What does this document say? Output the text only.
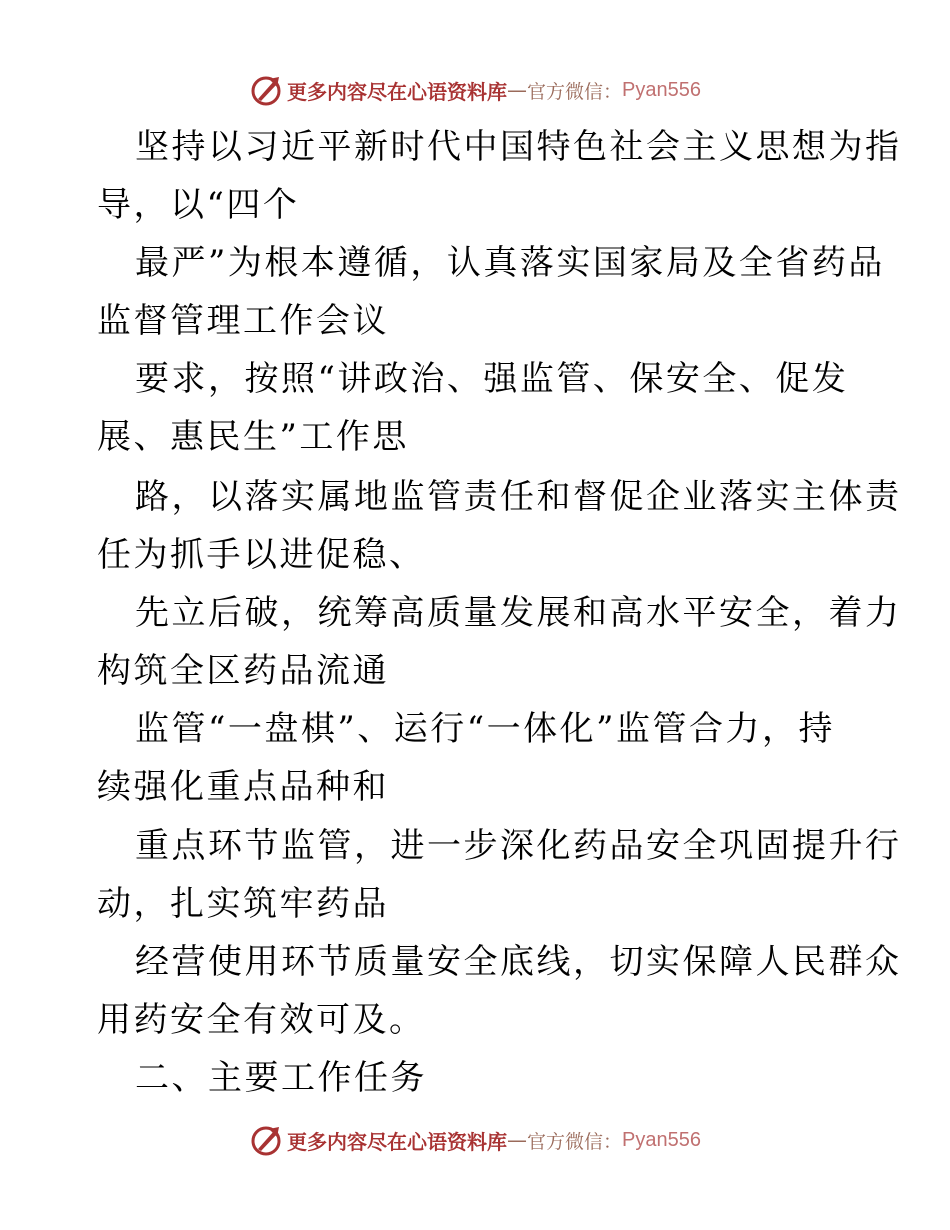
更多内容尽在心语资料库 — 官方微信： Pyan556
坚持以习近平新时代中国特色社会主义思想为指
导，以“四个
最严”为根本遵循，认真落实国家局及全省药品
监督管理工作会议
要求，按照“讲政治、强监管、保安全、促发
展、惠民生”工作思
路，以落实属地监管责任和督促企业落实主体责
任为抓手以进促稳、
先立后破，统筹高质量发展和高水平安全，着力
构筑全区药品流通
监管“一盘棋”、运行“一体化”监管合力，持
续强化重点品种和
重点环节监管，进一步深化药品安全巩固提升行
动，扎实筑牢药品
经营使用环节质量安全底线，切实保障人民群众
用药安全有效可及。
二、主要工作任务
更多内容尽在心语资料库 — 官方微信： Pyan556
